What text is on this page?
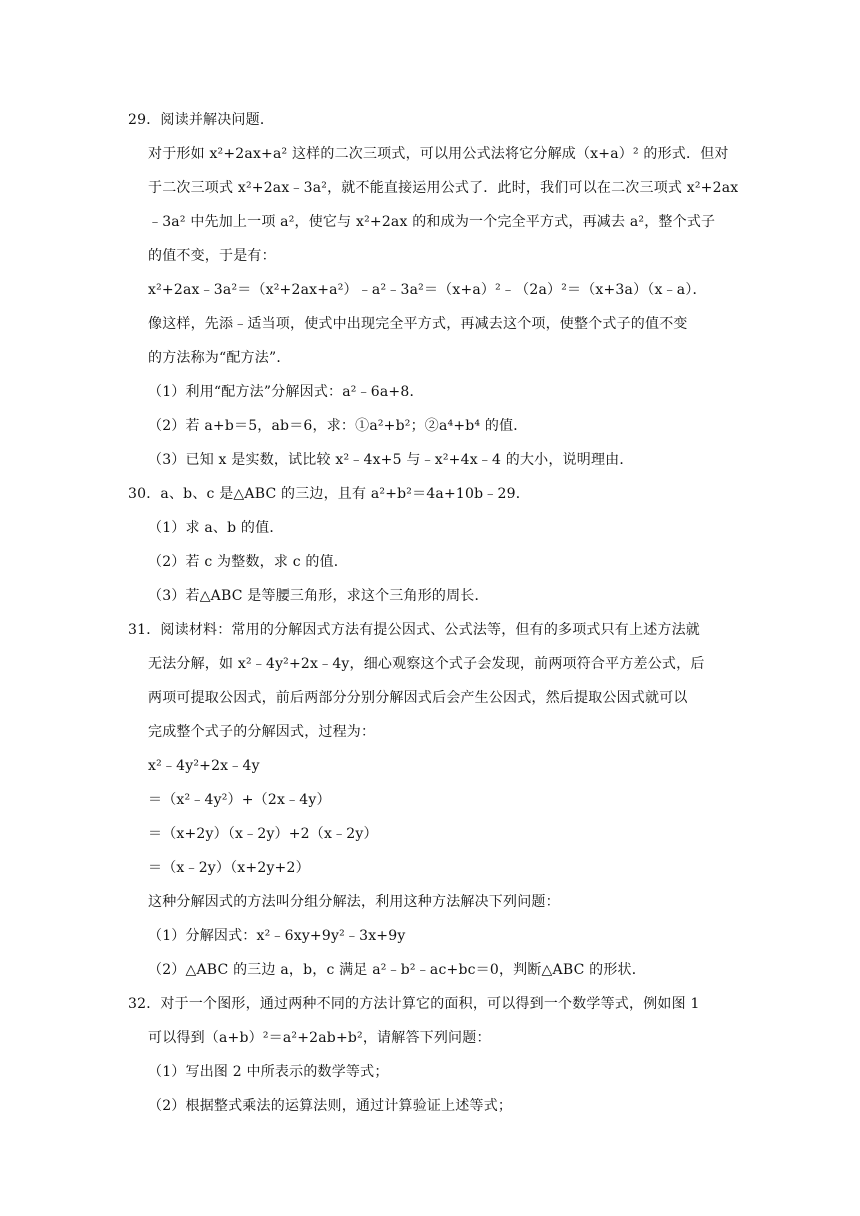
29．阅读并解决问题．
对于形如 x²+2ax+a² 这样的二次三项式，可以用公式法将它分解成（x+a）² 的形式．但对
于二次三项式 x²+2ax﹣3a²，就不能直接运用公式了．此时，我们可以在二次三项式 x²+2ax
﹣3a² 中先加上一项 a²，使它与 x²+2ax 的和成为一个完全平方式，再减去 a²，整个式子
的值不变，于是有：
x²+2ax﹣3a²＝（x²+2ax+a²）﹣a²﹣3a²＝（x+a）²﹣（2a）²＝（x+3a）（x﹣a）．
像这样，先添﹣适当项，使式中出现完全平方式，再减去这个项，使整个式子的值不变
的方法称为“配方法”．
（1）利用“配方法”分解因式：a²﹣6a+8．
（2）若 a+b＝5，ab＝6，求：①a²+b²；②a⁴+b⁴ 的值．
（3）已知 x 是实数，试比较 x²﹣4x+5 与﹣x²+4x﹣4 的大小，说明理由．
30．a、b、c 是△ABC 的三边，且有 a²+b²＝4a+10b﹣29．
（1）求 a、b 的值．
（2）若 c 为整数，求 c 的值．
（3）若△ABC 是等腰三角形，求这个三角形的周长．
31．阅读材料：常用的分解因式方法有提公因式、公式法等，但有的多项式只有上述方法就
无法分解，如 x²﹣4y²+2x﹣4y，细心观察这个式子会发现，前两项符合平方差公式，后
两项可提取公因式，前后两部分分别分解因式后会产生公因式，然后提取公因式就可以
完成整个式子的分解因式，过程为：
x²﹣4y²+2x﹣4y
＝（x²﹣4y²）+（2x﹣4y）
＝（x+2y）（x﹣2y）+2（x﹣2y）
＝（x﹣2y）（x+2y+2）
这种分解因式的方法叫分组分解法，利用这种方法解决下列问题：
（1）分解因式：x²﹣6xy+9y²﹣3x+9y
（2）△ABC 的三边 a，b，c 满足 a²﹣b²﹣ac+bc＝0，判断△ABC 的形状．
32．对于一个图形，通过两种不同的方法计算它的面积，可以得到一个数学等式，例如图 1
可以得到（a+b）²＝a²+2ab+b²，请解答下列问题：
（1）写出图 2 中所表示的数学等式；
（2）根据整式乘法的运算法则，通过计算验证上述等式；
